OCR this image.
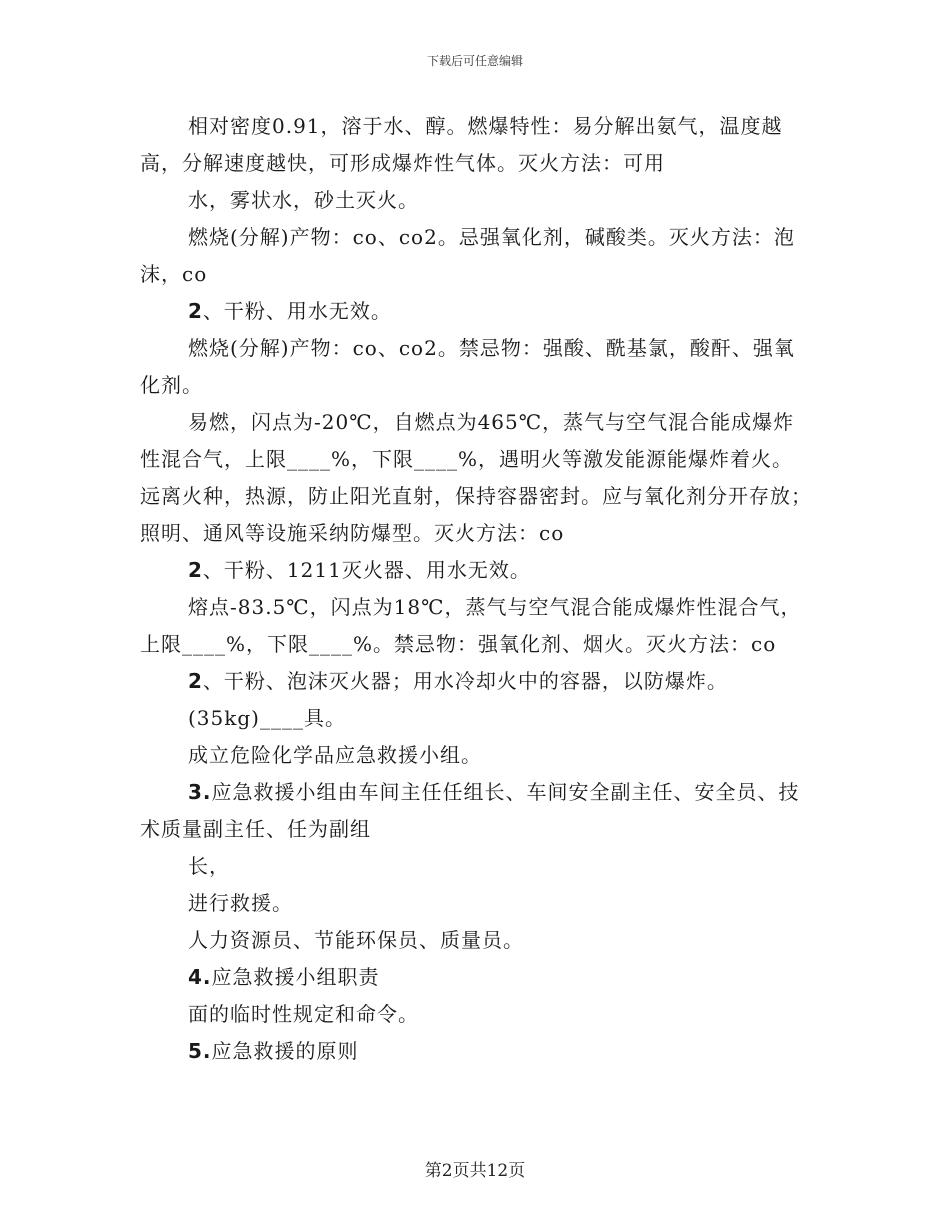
下载后可任意编辑

相对密度0.91，溶于水、醇。燃爆特性：易分解出氨气，温度越高，分解速度越快，可形成爆炸性气体。灭火方法：可用

水，雾状水，砂土灭火。

燃烧(分解)产物：co、co2。忌强氧化剂，碱酸类。灭火方法：泡沫，co

2、干粉、用水无效。

燃烧(分解)产物：co、co2。禁忌物：强酸、酰基氯，酸酐、强氧化剂。

易燃，闪点为-20℃，自燃点为465℃，蒸气与空气混合能成爆炸性混合气，上限____%，下限____%，遇明火等激发能源能爆炸着火。远离火种，热源，防止阳光直射，保持容器密封。应与氧化剂分开存放；照明、通风等设施采纳防爆型。灭火方法：co

2、干粉、1211灭火器、用水无效。

熔点-83.5℃，闪点为18℃，蒸气与空气混合能成爆炸性混合气，上限____%，下限____%。禁忌物：强氧化剂、烟火。灭火方法：co

2、干粉、泡沫灭火器；用水冷却火中的容器，以防爆炸。

(35kg)____具。

成立危险化学品应急救援小组。

3.应急救援小组由车间主任任组长、车间安全副主任、安全员、技术质量副主任、任为副组

长，

进行救援。

人力资源员、节能环保员、质量员。

4.应急救援小组职责

面的临时性规定和命令。

5.应急救援的原则

第2页共12页
